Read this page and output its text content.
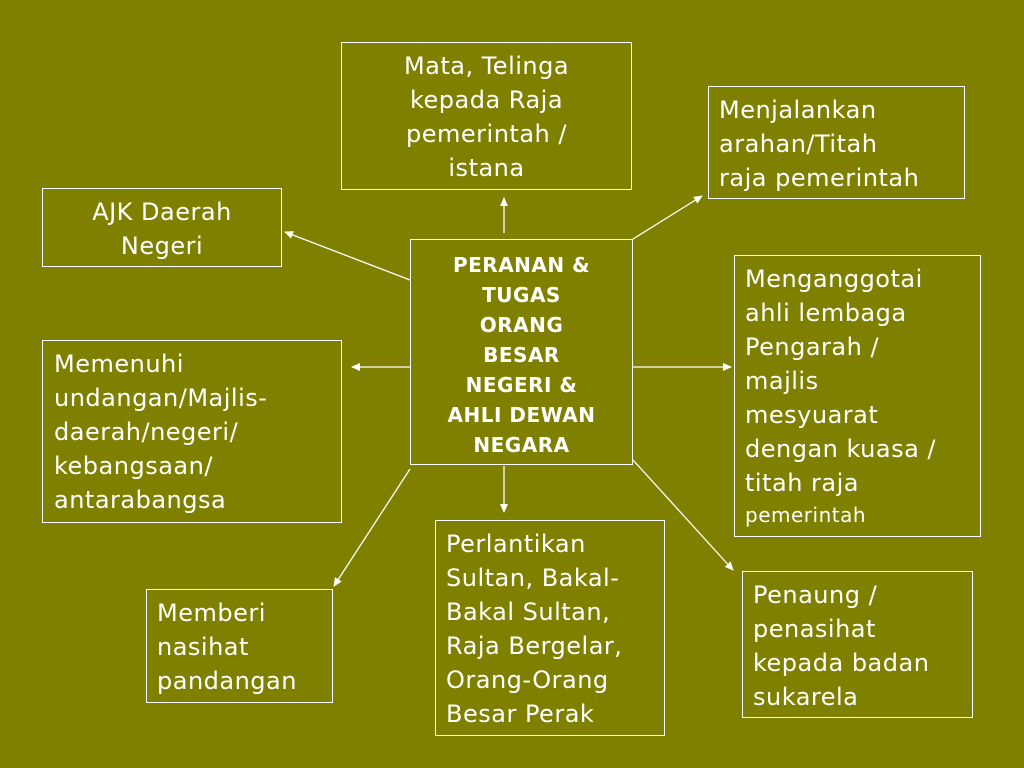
PERANAN &
TUGAS
ORANG
BESAR
NEGERI &
AHLI DEWAN
NEGARA
Mata, Telinga
kepada Raja
pemerintah /
istana
Menjalankan
arahan/Titah
raja pemerintah
AJK Daerah
Negeri
Menganggotai
ahli lembaga
Pengarah /
majlis
mesyuarat
dengan kuasa /
titah raja
pemerintah
Memenuhi
undangan/Majlis-
daerah/negeri/
kebangsaan/
antarabangsa
Perlantikan
Sultan, Bakal-
Bakal Sultan,
Raja Bergelar,
Orang-Orang
Besar Perak
Memberi
nasihat
pandangan
Penaung /
penasihat
kepada badan
sukarela
